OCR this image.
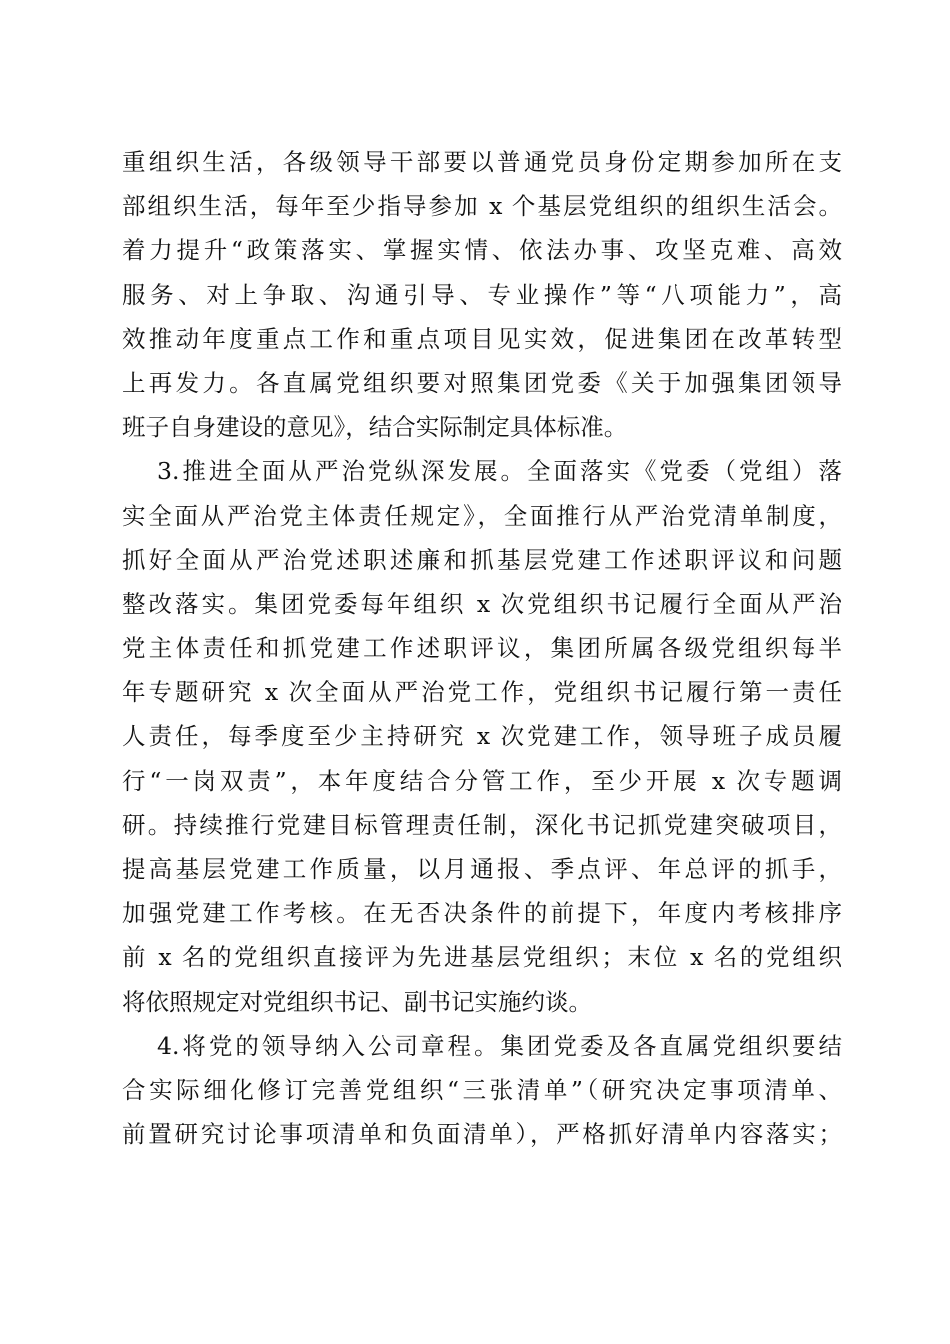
重组织生活，各级领导干部要以普通党员身份定期参加所在支
部组织生活，每年至少指导参加 x 个基层党组织的组织生活会。
着力提升“政策落实、掌握实情、依法办事、攻坚克难、高效
服务、对上争取、沟通引导、专业操作”等“八项能力”，高
效推动年度重点工作和重点项目见实效，促进集团在改革转型
上再发力。各直属党组织要对照集团党委《关于加强集团领导
班子自身建设的意见》，结合实际制定具体标准。
3.推进全面从严治党纵深发展。全面落实《党委（党组）落
实全面从严治党主体责任规定》，全面推行从严治党清单制度，
抓好全面从严治党述职述廉和抓基层党建工作述职评议和问题
整改落实。集团党委每年组织 x 次党组织书记履行全面从严治
党主体责任和抓党建工作述职评议，集团所属各级党组织每半
年专题研究 x 次全面从严治党工作，党组织书记履行第一责任
人责任，每季度至少主持研究 x 次党建工作，领导班子成员履
行“一岗双责”，本年度结合分管工作，至少开展 x 次专题调
研。持续推行党建目标管理责任制，深化书记抓党建突破项目，
提高基层党建工作质量，以月通报、季点评、年总评的抓手，
加强党建工作考核。在无否决条件的前提下，年度内考核排序
前 x 名的党组织直接评为先进基层党组织；末位 x 名的党组织
将依照规定对党组织书记、副书记实施约谈。
4.将党的领导纳入公司章程。集团党委及各直属党组织要结
合实际细化修订完善党组织“三张清单”（研究决定事项清单、
前置研究讨论事项清单和负面清单），严格抓好清单内容落实；
